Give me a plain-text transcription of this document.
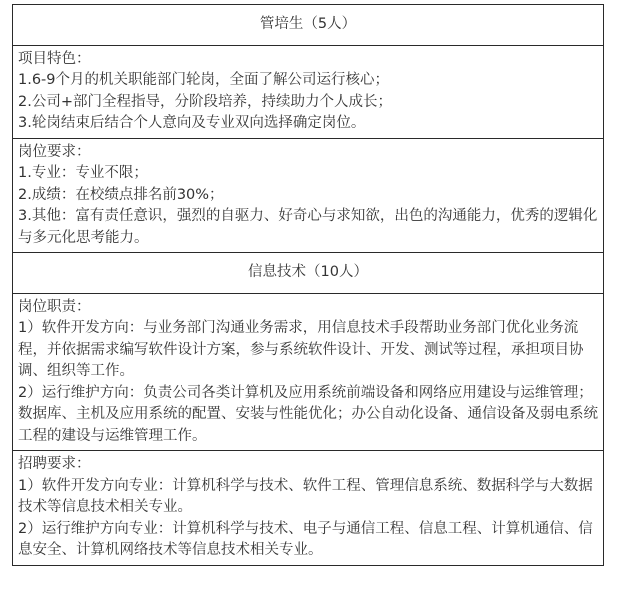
管培生（5人）

项目特色：
1.6-9个月的机关职能部门轮岗，全面了解公司运行核心；
2.公司+部门全程指导，分阶段培养，持续助力个人成长；
3.轮岗结束后结合个人意向及专业双向选择确定岗位。

岗位要求：
1.专业：专业不限；
2.成绩：在校绩点排名前30%；
3.其他：富有责任意识，强烈的自驱力、好奇心与求知欲，出色的沟通能力，优秀的逻辑化与多元化思考能力。

信息技术（10人）

岗位职责：
1）软件开发方向：与业务部门沟通业务需求，用信息技术手段帮助业务部门优化业务流程，并依据需求编写软件设计方案，参与系统软件设计、开发、测试等过程，承担项目协调、组织等工作。
2）运行维护方向：负责公司各类计算机及应用系统前端设备和网络应用建设与运维管理；数据库、主机及应用系统的配置、安装与性能优化；办公自动化设备、通信设备及弱电系统工程的建设与运维管理工作。

招聘要求：
1）软件开发方向专业：计算机科学与技术、软件工程、管理信息系统、数据科学与大数据技术等信息技术相关专业。
2）运行维护方向专业：计算机科学与技术、电子与通信工程、信息工程、计算机通信、信息安全、计算机网络技术等信息技术相关专业。
